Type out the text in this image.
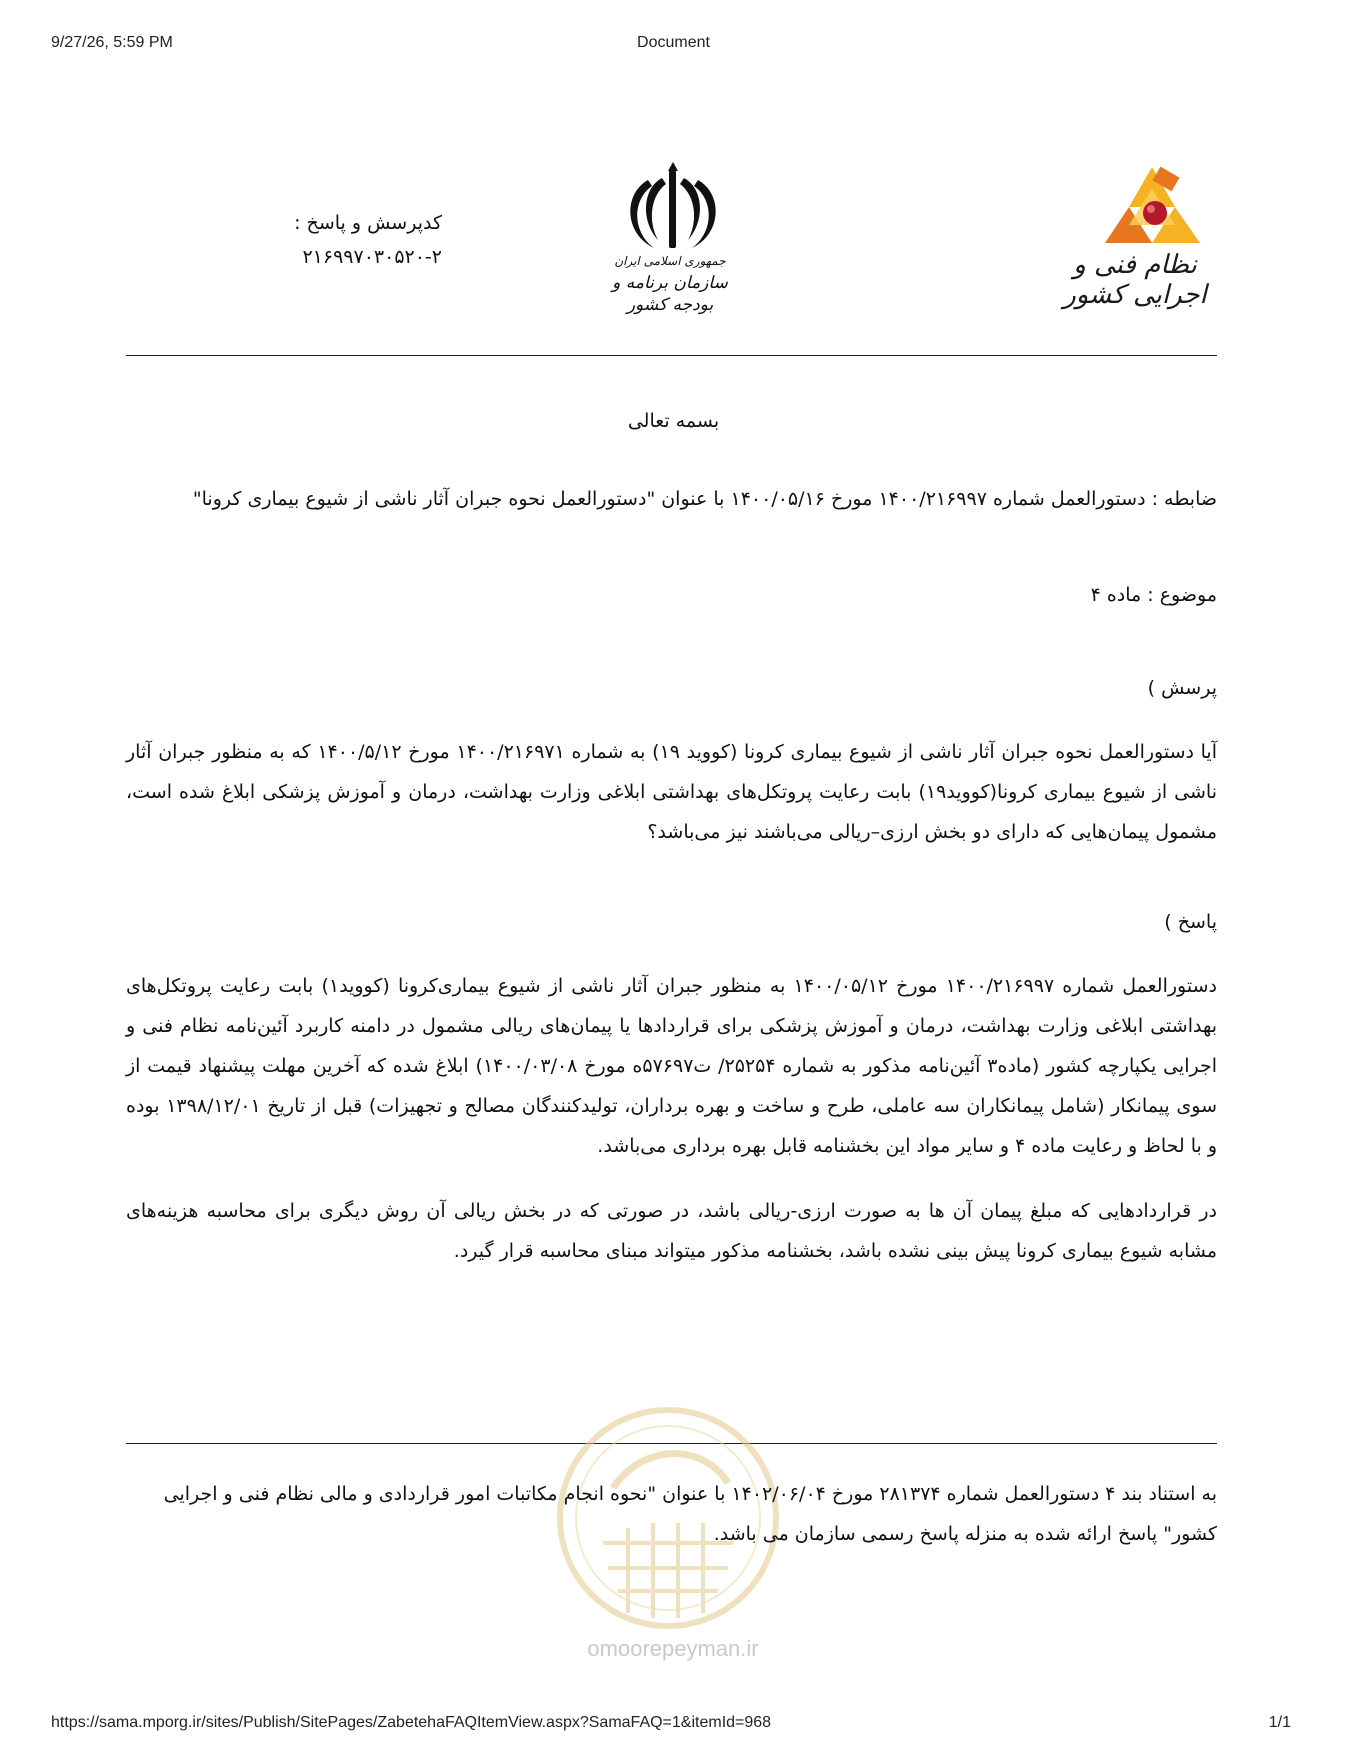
9/27/26, 5:59 PM	Document
کدپرسش و پاسخ :
۲۱۶۹۹۷۰۳۰۵۲۰-۲	جمهوری اسلامی ایران
سازمان برنامه و بودجه کشور
نظام فنی و اجرایی کشور
بسمه تعالی
ضابطه : دستورالعمل شماره ۱۴۰۰/۲۱۶۹۹۷ مورخ ۱۴۰۰/۰۵/۱۶ با عنوان "دستورالعمل نحوه جبران آثار ناشی از شیوع بیماری کرونا"
موضوع : ماده ۴
پرسش )
آیا دستورالعمل نحوه جبران آثار ناشی از شیوع بیماری کرونا (کووید ۱۹) به شماره ۱۴۰۰/۲۱۶۹۷۱ مورخ ۱۴۰۰/۵/۱۲ که به منظور جبران آثار ناشی از شیوع بیماری کرونا(کووید۱۹) بابت رعایت پروتکل‌های بهداشتی ابلاغی وزارت بهداشت، درمان و آموزش پزشکی ابلاغ شده است، مشمول پیمان‌هایی که دارای دو بخش ارزی–ریالی می‌باشند نیز می‌باشد؟
پاسخ )
دستورالعمل شماره ۱۴۰۰/۲۱۶۹۹۷ مورخ ۱۴۰۰/۰۵/۱۲ به منظور جبران آثار ناشی از شیوع بیماری‌کرونا (کووید۱) بابت رعایت پروتکل‌های بهداشتی ابلاغی وزارت بهداشت، درمان و آموزش پزشکی برای قراردادها یا پیمان‌های ریالی مشمول در دامنه کاربرد آئین‌نامه نظام فنی و اجرایی یکپارچه کشور (ماده۳ آئین‌نامه مذکور به شماره ۲۵۲۵۴/ ت۵۷۶۹۷ه مورخ ۱۴۰۰/۰۳/۰۸) ابلاغ شده که آخرین مهلت پیشنهاد قیمت از سوی پیمانکار (شامل پیمانکاران سه عاملی، طرح و ساخت و بهره برداران، تولیدکنندگان مصالح و تجهیزات) قبل از تاریخ ۱۳۹۸/۱۲/۰۱ بوده و با لحاظ و رعایت ماده ۴ و سایر مواد این بخشنامه قابل بهره برداری می‌باشد.
در قراردادهایی که مبلغ پیمان آن ها به صورت ارزی-ریالی باشد، در صورتی که در بخش ریالی آن روش دیگری برای محاسبه هزینه‌های مشابه شیوع بیماری کرونا پیش بینی نشده باشد، بخشنامه مذکور میتواند مبنای محاسبه قرار گیرد.
به استناد بند ۴ دستورالعمل شماره ۲۸۱۳۷۴ مورخ ۱۴۰۲/۰۶/۰۴ با عنوان "نحوه انجام مکاتبات امور قراردادی و مالی نظام فنی و اجرایی کشور" پاسخ ارائه شده به منزله پاسخ رسمی سازمان می باشد.
omoorepeyman.ir
https://sama.mporg.ir/sites/Publish/SitePages/ZabetehaFAQItemView.aspx?SamaFAQ=1&itemId=968	1/1
